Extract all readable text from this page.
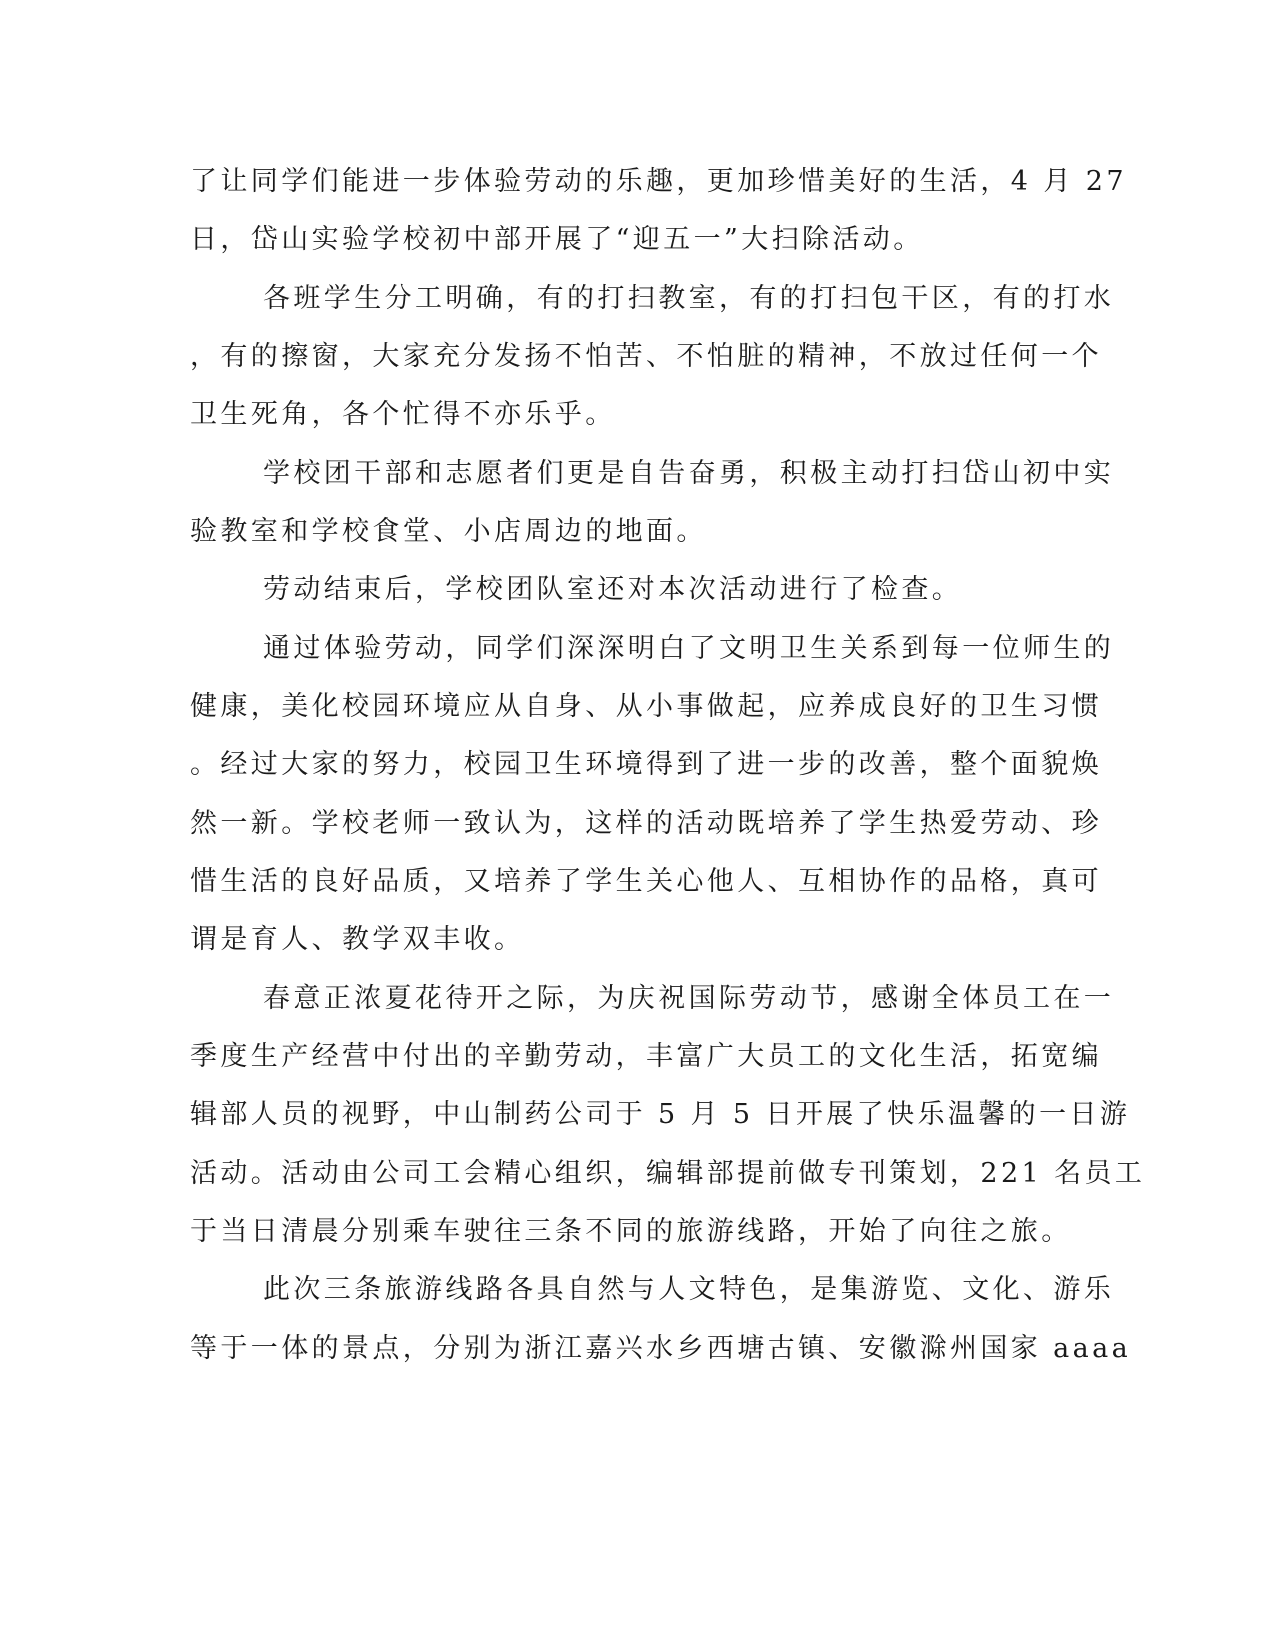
了让同学们能进一步体验劳动的乐趣，更加珍惜美好的生活，4 月 27
日，岱山实验学校初中部开展了“迎五一”大扫除活动。
各班学生分工明确，有的打扫教室，有的打扫包干区，有的打水
，有的擦窗，大家充分发扬不怕苦、不怕脏的精神，不放过任何一个
卫生死角，各个忙得不亦乐乎。
学校团干部和志愿者们更是自告奋勇，积极主动打扫岱山初中实
验教室和学校食堂、小店周边的地面。
劳动结束后，学校团队室还对本次活动进行了检查。
通过体验劳动，同学们深深明白了文明卫生关系到每一位师生的
健康，美化校园环境应从自身、从小事做起，应养成良好的卫生习惯
。经过大家的努力，校园卫生环境得到了进一步的改善，整个面貌焕
然一新。学校老师一致认为，这样的活动既培养了学生热爱劳动、珍
惜生活的良好品质，又培养了学生关心他人、互相协作的品格，真可
谓是育人、教学双丰收。
春意正浓夏花待开之际，为庆祝国际劳动节，感谢全体员工在一
季度生产经营中付出的辛勤劳动，丰富广大员工的文化生活，拓宽编
辑部人员的视野，中山制药公司于 5 月 5 日开展了快乐温馨的一日游
活动。活动由公司工会精心组织，编辑部提前做专刊策划，221 名员工
于当日清晨分别乘车驶往三条不同的旅游线路，开始了向往之旅。
此次三条旅游线路各具自然与人文特色，是集游览、文化、游乐
等于一体的景点，分别为浙江嘉兴水乡西塘古镇、安徽滁州国家 aaaa
